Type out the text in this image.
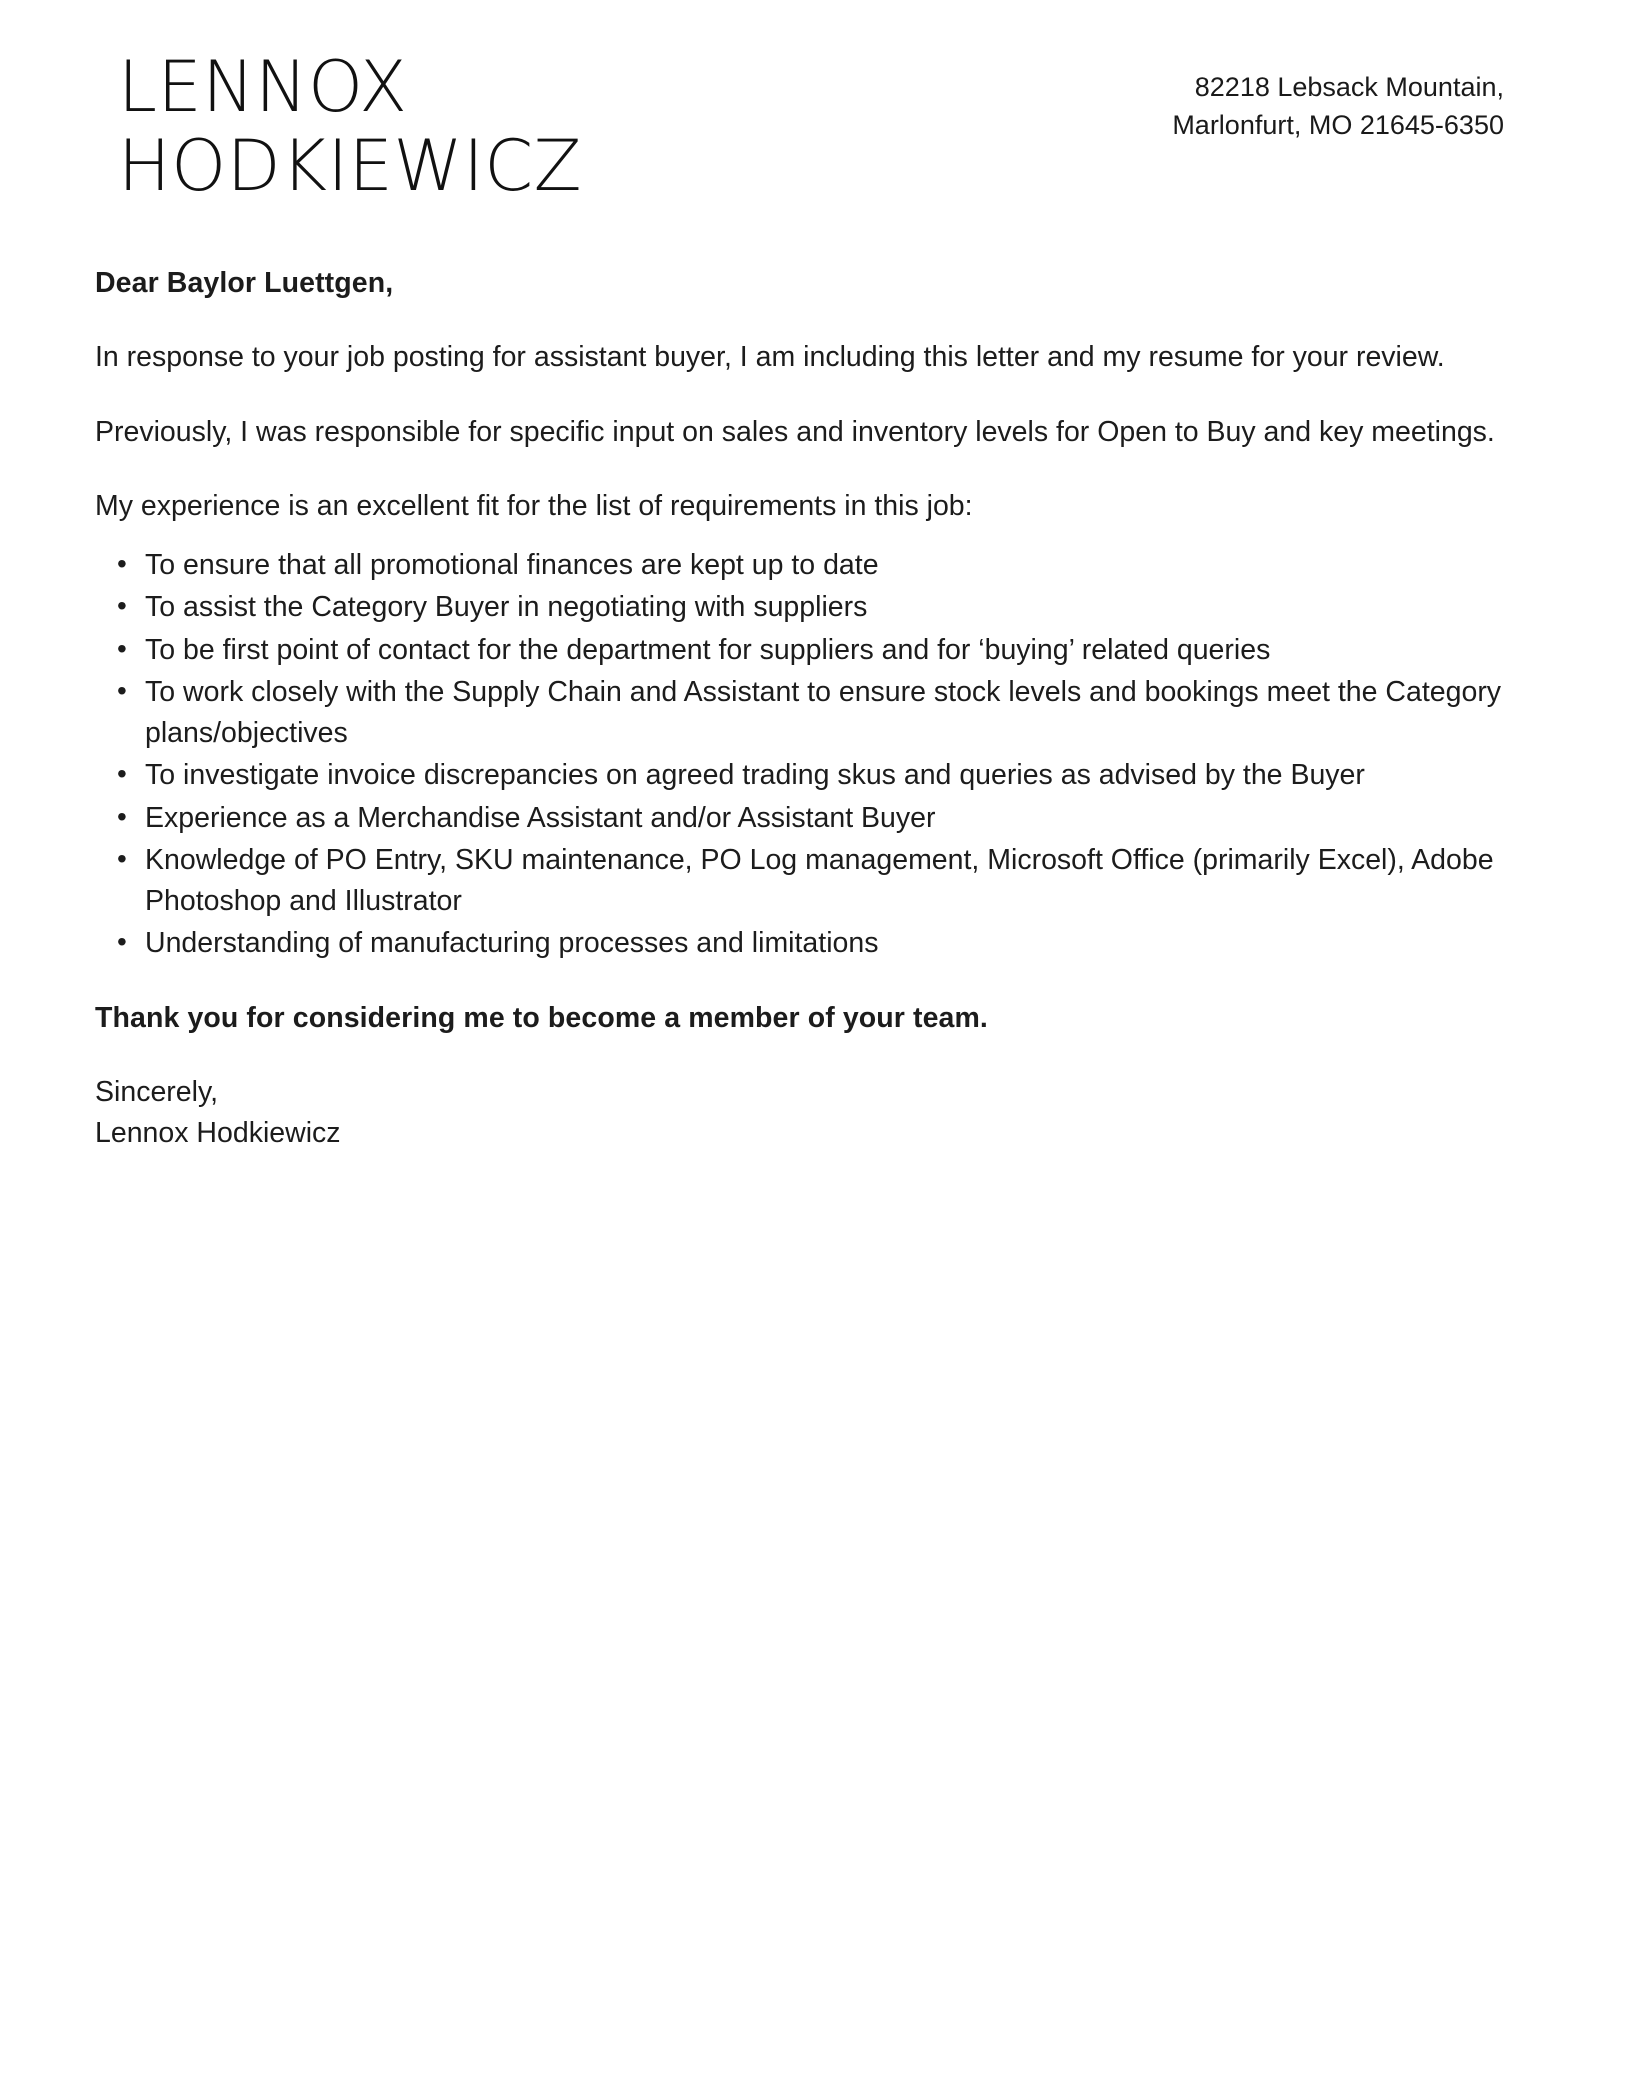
LENNOX
HODKIEWICZ
82218 Lebsack Mountain,
Marlonfurt, MO 21645-6350

Dear Baylor Luettgen,

In response to your job posting for assistant buyer, I am including this letter and my resume for your review.

Previously, I was responsible for specific input on sales and inventory levels for Open to Buy and key meetings.

My experience is an excellent fit for the list of requirements in this job:

• To ensure that all promotional finances are kept up to date
• To assist the Category Buyer in negotiating with suppliers
• To be first point of contact for the department for suppliers and for ‘buying’ related queries
• To work closely with the Supply Chain and Assistant to ensure stock levels and bookings meet the Category plans/objectives
• To investigate invoice discrepancies on agreed trading skus and queries as advised by the Buyer
• Experience as a Merchandise Assistant and/or Assistant Buyer
• Knowledge of PO Entry, SKU maintenance, PO Log management, Microsoft Office (primarily Excel), Adobe Photoshop and Illustrator
• Understanding of manufacturing processes and limitations

Thank you for considering me to become a member of your team.

Sincerely,
Lennox Hodkiewicz
